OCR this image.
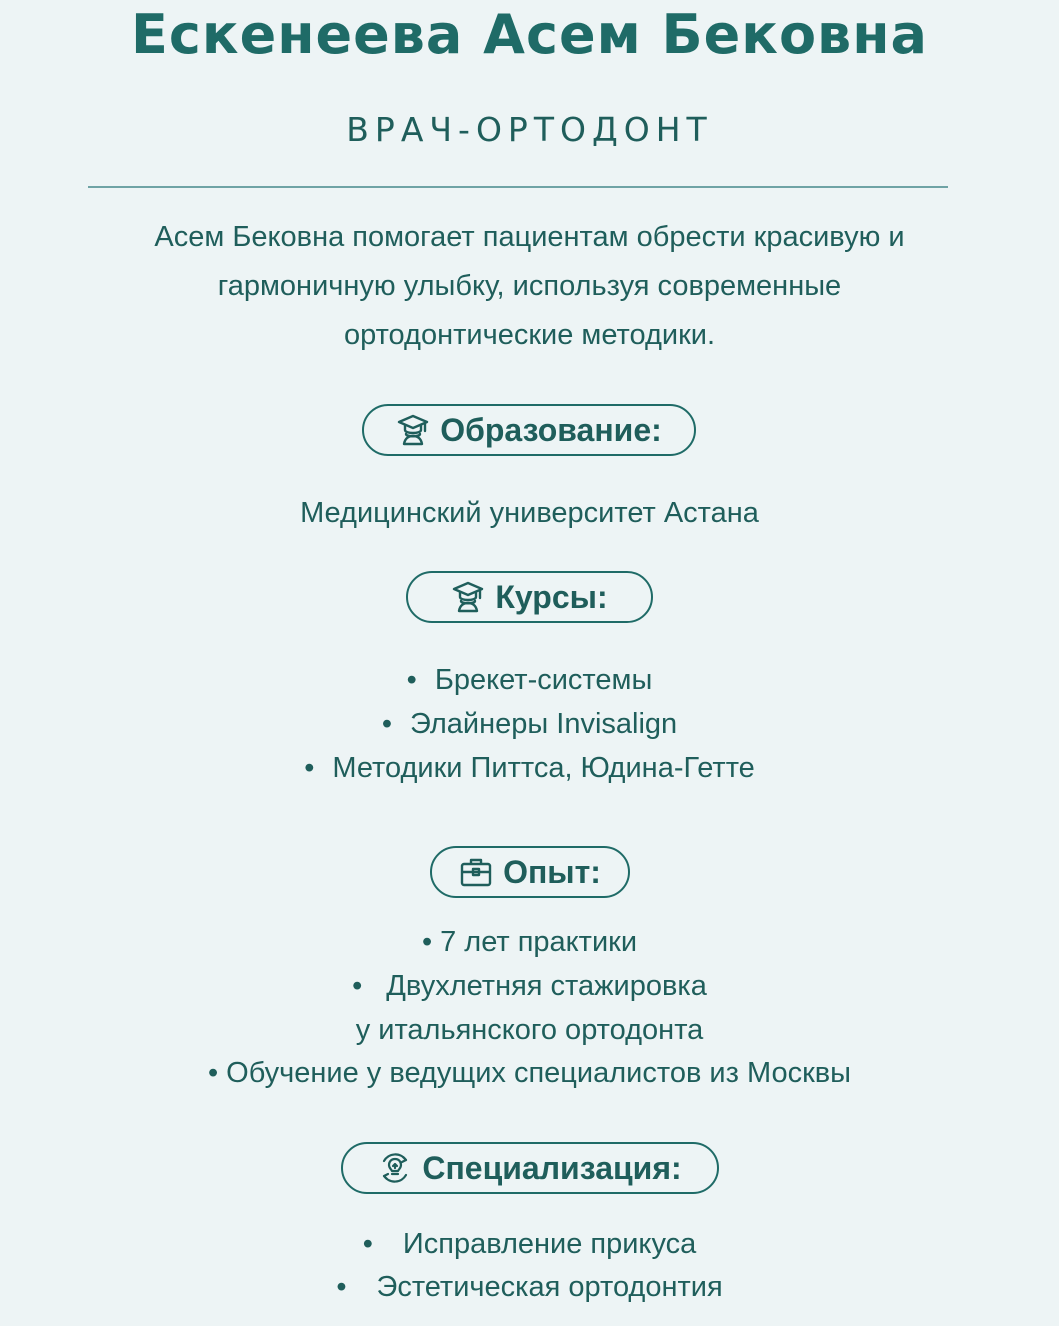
Ескенеева Асем Бековна
ВРАЧ-ОРТОДОНТ
Асем Бековна помогает пациентам обрести красивую и гармоничную улыбку, используя современные ортодонтические методики.
Образование:
Медицинский университет Астана
Курсы:
• Брекет-системы
• Элайнеры Invisalign
• Методики Питтса, Юдина-Гетте
Опыт:
• 7 лет практики
• Двухлетняя стажировка
у итальянского ортодонта
• Обучение у ведущих специалистов из Москвы
Специализация:
• Исправление прикуса
• Эстетическая ортодонтия
